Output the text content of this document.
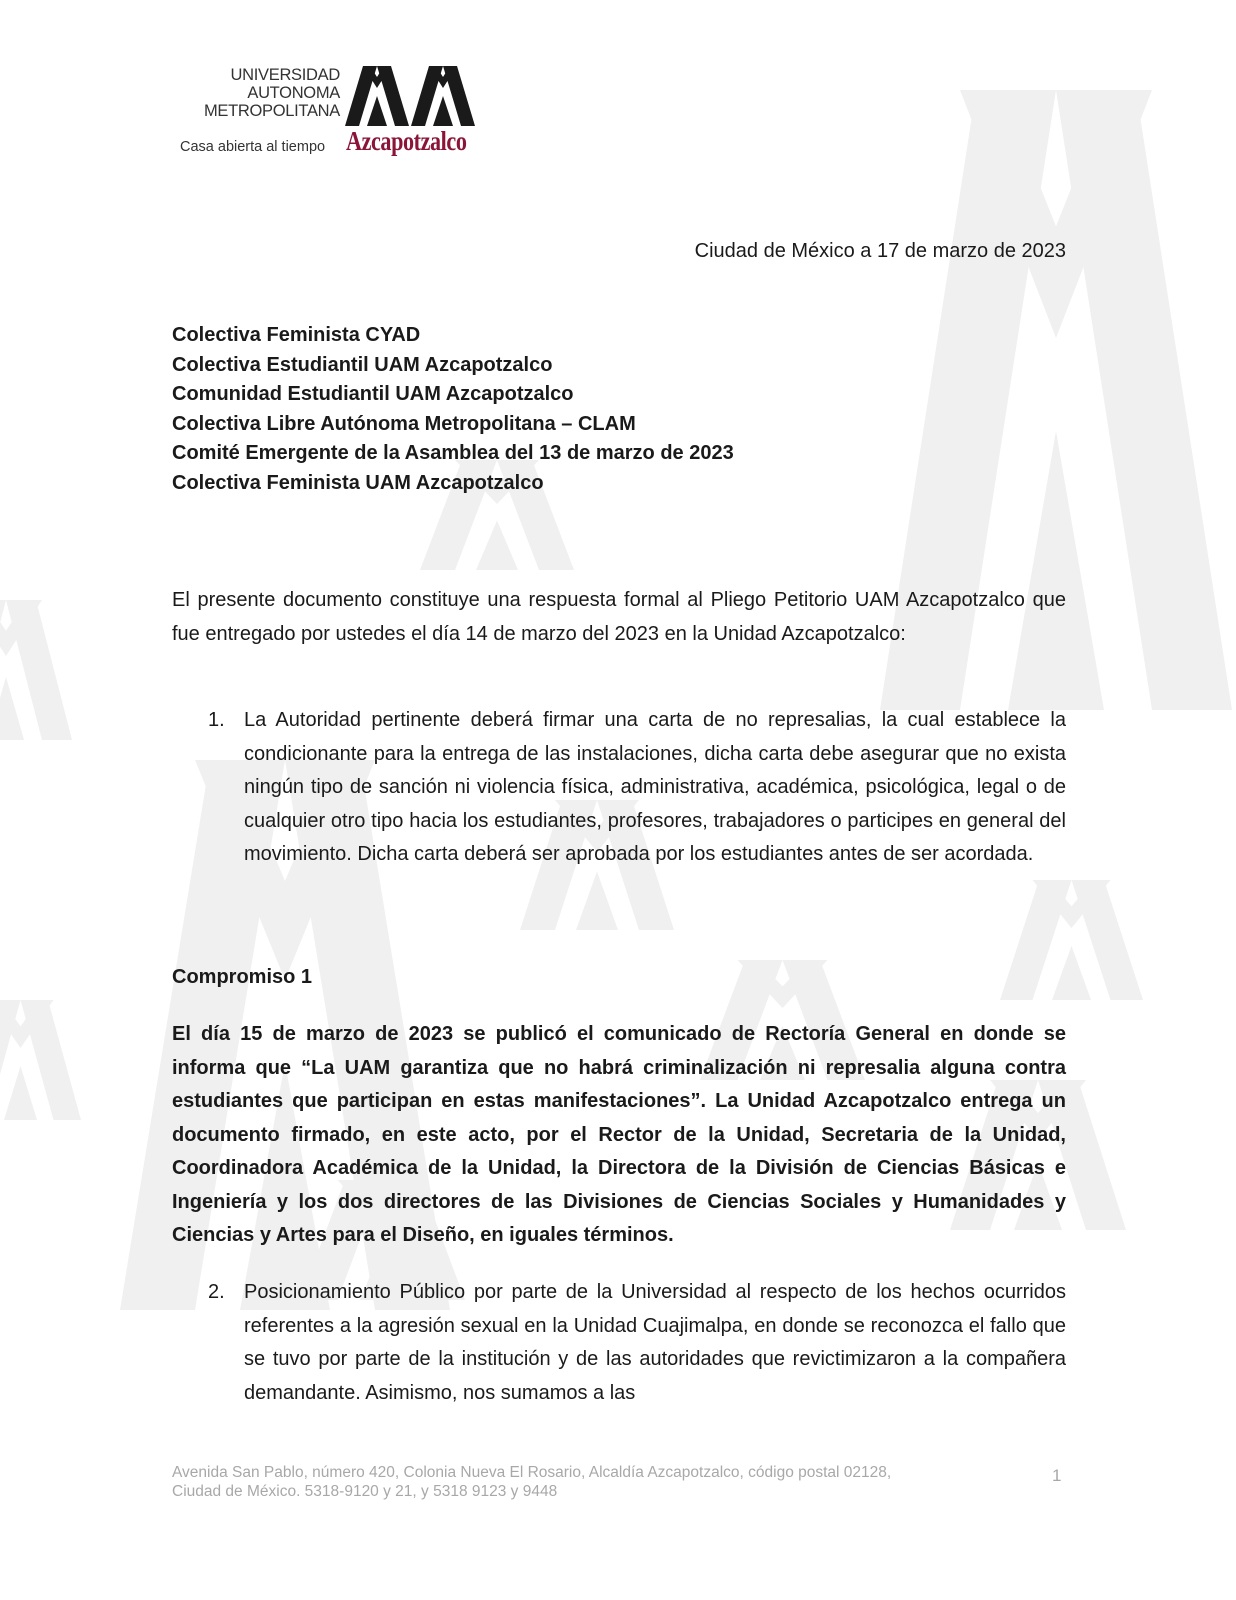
UNIVERSIDAD
AUTONOMA
METROPOLITANA
Casa abierta al tiempo Azcapotzalco
Ciudad de México a 17 de marzo de 2023
Colectiva Feminista CYAD
Colectiva Estudiantil UAM Azcapotzalco
Comunidad Estudiantil UAM Azcapotzalco
Colectiva Libre Autónoma Metropolitana – CLAM
Comité Emergente de la Asamblea del 13 de marzo de 2023
Colectiva Feminista UAM Azcapotzalco
El presente documento constituye una respuesta formal al Pliego Petitorio UAM Azcapotzalco que fue entregado por ustedes el día 14 de marzo del 2023 en la Unidad Azcapotzalco:
1. La Autoridad pertinente deberá firmar una carta de no represalias, la cual establece la condicionante para la entrega de las instalaciones, dicha carta debe asegurar que no exista ningún tipo de sanción ni violencia física, administrativa, académica, psicológica, legal o de cualquier otro tipo hacia los estudiantes, profesores, trabajadores o participes en general del movimiento. Dicha carta deberá ser aprobada por los estudiantes antes de ser acordada.
Compromiso 1
El día 15 de marzo de 2023 se publicó el comunicado de Rectoría General en donde se informa que “La UAM garantiza que no habrá criminalización ni represalia alguna contra estudiantes que participan en estas manifestaciones”. La Unidad Azcapotzalco entrega un documento firmado, en este acto, por el Rector de la Unidad, Secretaria de la Unidad, Coordinadora Académica de la Unidad, la Directora de la División de Ciencias Básicas e Ingeniería y los dos directores de las Divisiones de Ciencias Sociales y Humanidades y Ciencias y Artes para el Diseño, en iguales términos.
2. Posicionamiento Público por parte de la Universidad al respecto de los hechos ocurridos referentes a la agresión sexual en la Unidad Cuajimalpa, en donde se reconozca el fallo que se tuvo por parte de la institución y de las autoridades que revictimizaron a la compañera demandante. Asimismo, nos sumamos a las
Avenida San Pablo, número 420, Colonia Nueva El Rosario, Alcaldía Azcapotzalco, código postal 02128,
Ciudad de México. 5318-9120 y 21, y 5318 9123 y 9448
1
